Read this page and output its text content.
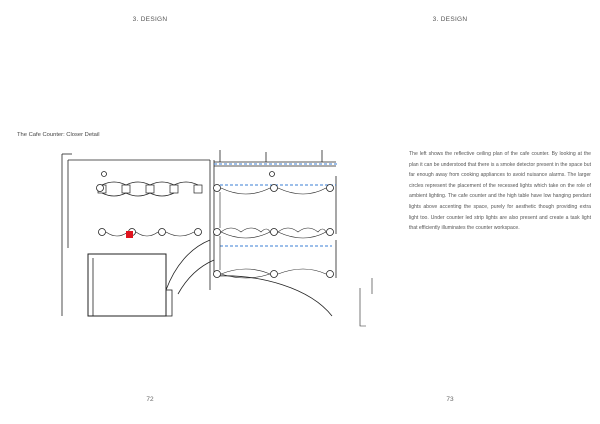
3. DESIGN
The Cafe Counter: Closer Detail
72
3. DESIGN
The left shows the reflective ceiling plan of the cafe counter. By looking at the plan it can be understood that there is a smoke detector present in the space but far enough away from cooking appliances to avoid nuisance alarms. The larger circles represent the placement of the recessed lights which take on the role of ambient lighting. The cafe counter and the high table have low hanging pendant lights above accenting the space, purely for aesthetic though providing extra light too. Under counter led strip lights are also present and create a task light that efficiently illuminates the counter workspace.
73
